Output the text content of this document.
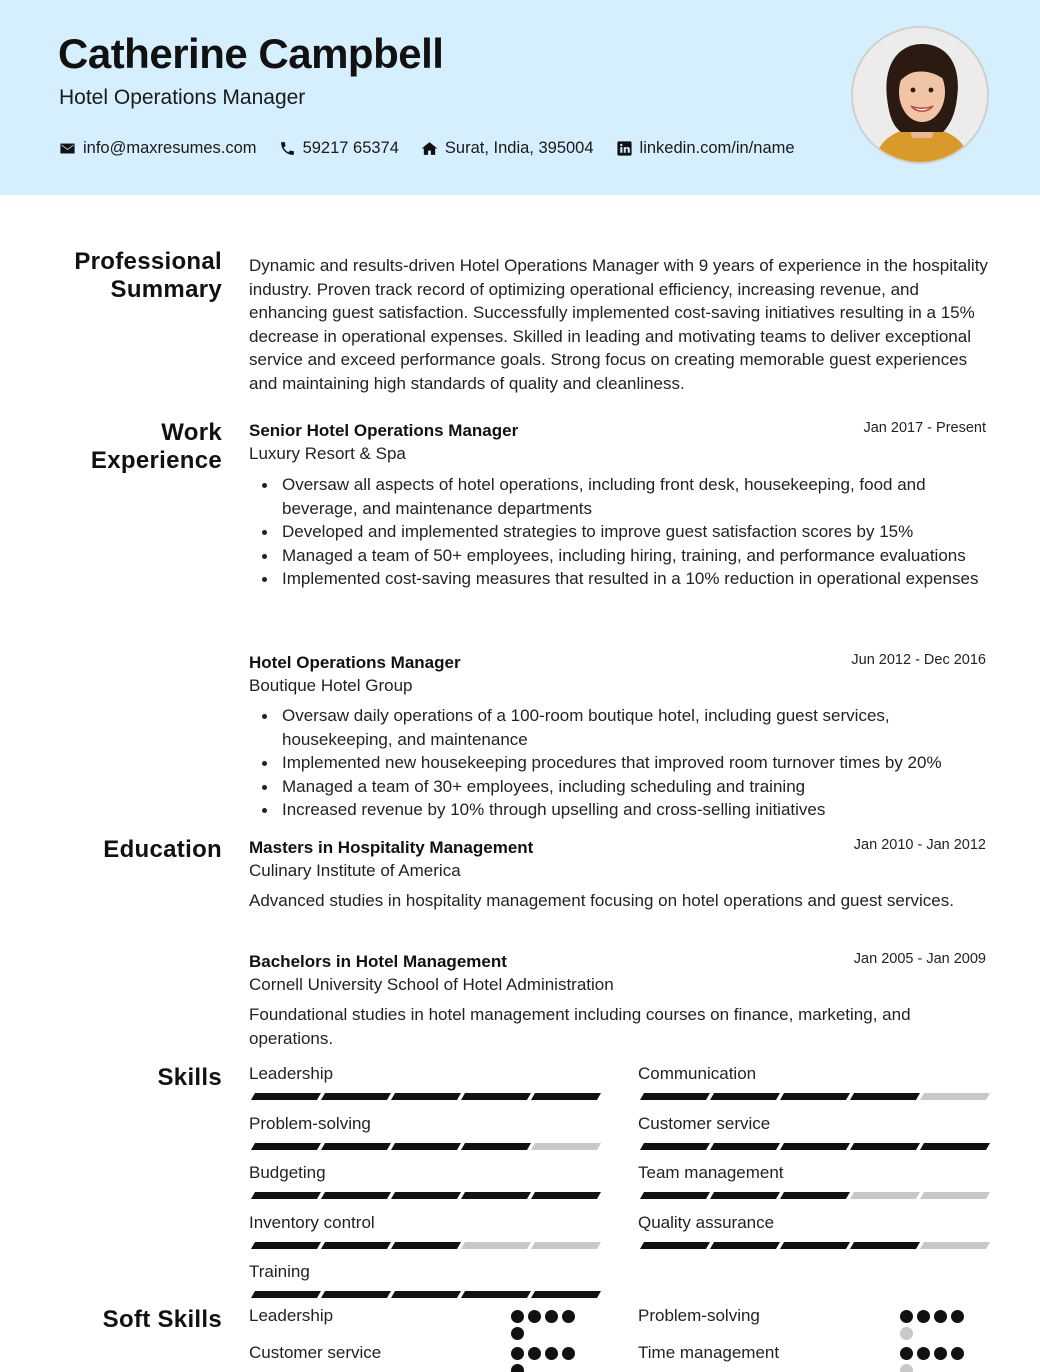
Catherine Campbell
Hotel Operations Manager
info@maxresumes.com	59217 65374	Surat, India, 395004	linkedin.com/in/name
Professional
Summary
Dynamic and results-driven Hotel Operations Manager with 9 years of experience in the hospitality industry. Proven track record of optimizing operational efficiency, increasing revenue, and enhancing guest satisfaction. Successfully implemented cost-saving initiatives resulting in a 15% decrease in operational expenses. Skilled in leading and motivating teams to deliver exceptional service and exceed performance goals. Strong focus on creating memorable guest experiences and maintaining high standards of quality and cleanliness.
Work
Experience
Senior Hotel Operations Manager	Jan 2017 - Present
Luxury Resort & Spa
Oversaw all aspects of hotel operations, including front desk, housekeeping, food and beverage, and maintenance departments
Developed and implemented strategies to improve guest satisfaction scores by 15%
Managed a team of 50+ employees, including hiring, training, and performance evaluations
Implemented cost-saving measures that resulted in a 10% reduction in operational expenses
Hotel Operations Manager	Jun 2012 - Dec 2016
Boutique Hotel Group
Oversaw daily operations of a 100-room boutique hotel, including guest services, housekeeping, and maintenance
Implemented new housekeeping procedures that improved room turnover times by 20%
Managed a team of 30+ employees, including scheduling and training
Increased revenue by 10% through upselling and cross-selling initiatives
Education Masters in Hospitality Management	Jan 2010 - Jan 2012
Culinary Institute of America
Advanced studies in hospitality management focusing on hotel operations and guest services.
Bachelors in Hotel Management	Jan 2005 - Jan 2009
Cornell University School of Hotel Administration
Foundational studies in hotel management including courses on finance, marketing, and operations.
Skills Leadership	Communication
Problem-solving	Customer service
Budgeting	Team management
Inventory control	Quality assurance
Training
Soft Skills Leadership	Problem-solving
Customer service	Time management
